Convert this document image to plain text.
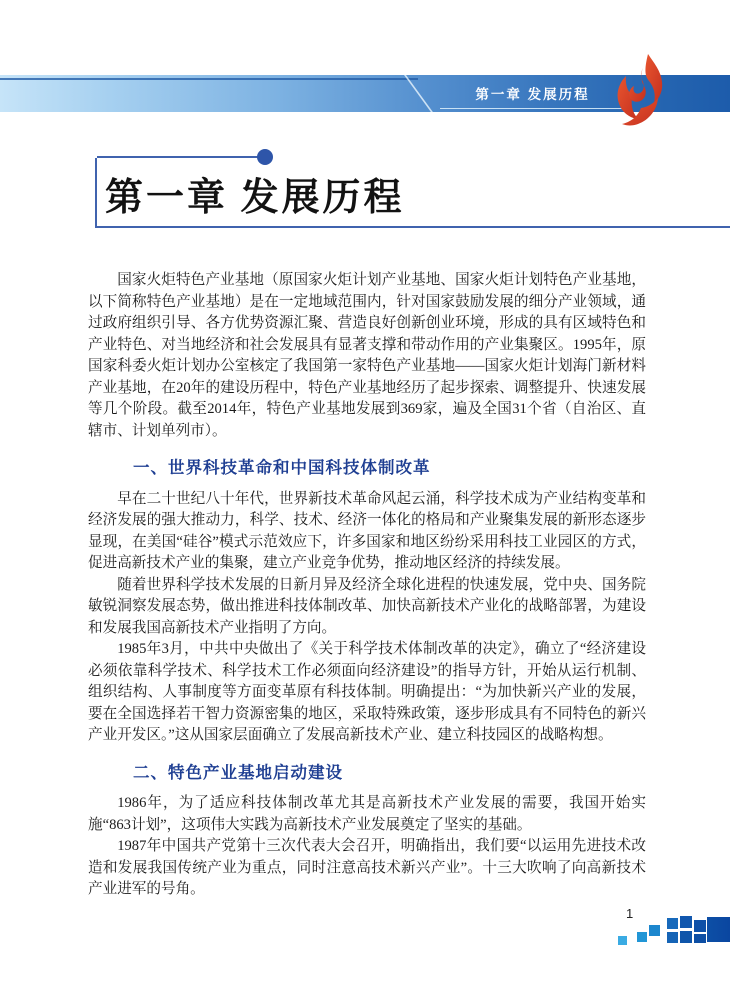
第一章 发展历程
第一章 发展历程

国家火炬特色产业基地（原国家火炬计划产业基地、国家火炬计划特色产业基地，以下简称特色产业基地）是在一定地域范围内，针对国家鼓励发展的细分产业领域，通过政府组织引导、各方优势资源汇聚、营造良好创新创业环境，形成的具有区域特色和产业特色、对当地经济和社会发展具有显著支撑和带动作用的产业集聚区。1995年，原国家科委火炬计划办公室核定了我国第一家特色产业基地——国家火炬计划海门新材料产业基地，在20年的建设历程中，特色产业基地经历了起步探索、调整提升、快速发展等几个阶段。截至2014年，特色产业基地发展到369家，遍及全国31个省（自治区、直辖市、计划单列市）。

一、世界科技革命和中国科技体制改革

早在二十世纪八十年代，世界新技术革命风起云涌，科学技术成为产业结构变革和经济发展的强大推动力，科学、技术、经济一体化的格局和产业聚集发展的新形态逐步显现，在美国“硅谷”模式示范效应下，许多国家和地区纷纷采用科技工业园区的方式，促进高新技术产业的集聚，建立产业竞争优势，推动地区经济的持续发展。

随着世界科学技术发展的日新月异及经济全球化进程的快速发展，党中央、国务院敏锐洞察发展态势，做出推进科技体制改革、加快高新技术产业化的战略部署，为建设和发展我国高新技术产业指明了方向。

1985年3月，中共中央做出了《关于科学技术体制改革的决定》，确立了“经济建设必须依靠科学技术、科学技术工作必须面向经济建设”的指导方针，开始从运行机制、组织结构、人事制度等方面变革原有科技体制。明确提出：“为加快新兴产业的发展，要在全国选择若干智力资源密集的地区，采取特殊政策，逐步形成具有不同特色的新兴产业开发区。”这从国家层面确立了发展高新技术产业、建立科技园区的战略构想。

二、特色产业基地启动建设

1986年，为了适应科技体制改革尤其是高新技术产业发展的需要，我国开始实施“863计划”，这项伟大实践为高新技术产业发展奠定了坚实的基础。

1987年中国共产党第十三次代表大会召开，明确指出，我们要“以运用先进技术改造和发展我国传统产业为重点，同时注意高技术新兴产业”。十三大吹响了向高新技术产业进军的号角。

1
